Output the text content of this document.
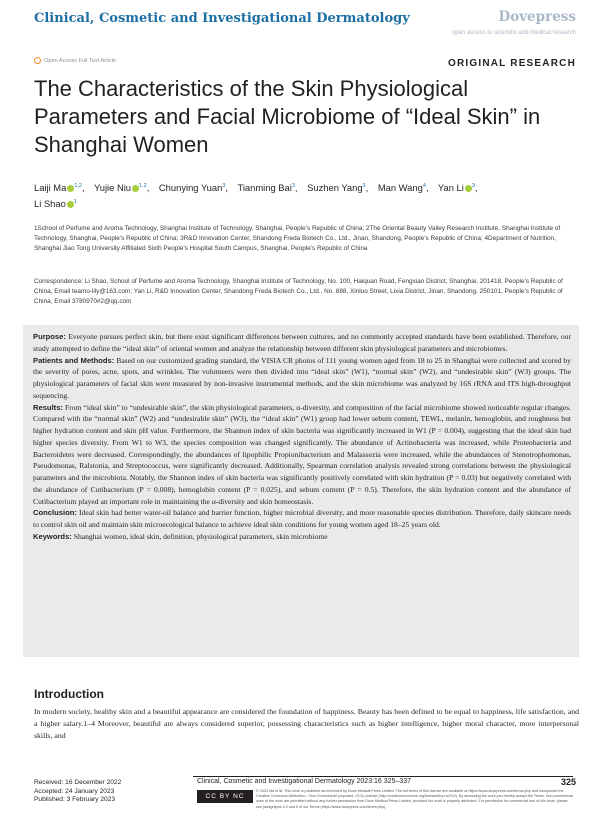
Clinical, Cosmetic and Investigational Dermatology	Dovepress
open access to scientific and medical research
Open Access Full Text Article	ORIGINAL RESEARCH
The Characteristics of the Skin Physiological Parameters and Facial Microbiome of “Ideal Skin” in Shanghai Women
Laiji Ma $^{1,2}$, Yujie Niu $^{1,2}$, Chunying Yuan$^3$, Tianming Bai$^3$, Suzhen Yang$^3$, Man Wang$^4$, Yan Li $^3$,
Li Shao $^1$
1School of Perfume and Aroma Technology, Shanghai Institute of Technology, Shanghai, People’s Republic of China; 2The Oriental Beauty Valley Research Institute, Shanghai Institute of Technology, Shanghai, People’s Republic of China; 3R&D Innovation Center, Shandong Freda Biotech Co., Ltd., Jinan, Shandong, People’s Republic of China; 4Department of Nutrition, Shanghai Jiao Tong University Affiliated Sixth People’s Hospital South Campus, Shanghai, People’s Republic of China
Correspondence: Li Shao, School of Perfume and Aroma Technology, Shanghai Institute of Technology, No. 100, Haiquan Road, Fengxian District, Shanghai, 201418, People’s Republic of China, Email teamo-lily@163.com; Yan Li, R&D Innovation Center, Shandong Freda Biotech Co., Ltd., No. 888, Xinluo Street, Lixia District, Jinan, Shandong, 250101, People’s Republic of China, Email 3780970#2@qq.com

Purpose: Everyone pursues perfect skin, but there exist significant differences between cultures, and no commonly accepted standards have been established. Therefore, our study attempted to define the “ideal skin” of oriental women and analyze the relationship between different skin physiological parameters and microbiomes.

Patients and Methods: Based on our customized grading standard, the VISIA CR photos of 111 young women aged from 18 to 25 in Shanghai were collected and scored by the severity of pores, acne, spots, and wrinkles. The volunteers were then divided into “ideal skin” (W1), “normal skin” (W2), and “undesirable skin” (W3) groups. The physiological parameters of facial skin were measured by non-invasive instrumental methods, and the skin microbiome was analyzed by 16S rRNA and ITS high-throughput sequencing.

Results: From “ideal skin” to “undesirable skin”, the skin physiological parameters, α-diversity, and composition of the facial microbiome showed noticeable regular changes. Compared with the “normal skin” (W2) and “undesirable skin” (W3), the “ideal skin” (W1) group had lower sebum content, TEWL, melanin, hemoglobin, and roughness but higher hydration content and skin pH value. Furthermore, the Shannon index of skin bacteria was significantly increased in W1 (P = 0.004), suggesting that the ideal skin had higher species diversity. From W1 to W3, the species composition was changed significantly. The abundance of Actinobacteria was increased, while Proteobacteria and Bacteroidetes were decreased. Correspondingly, the abundances of lipophilic Propionibacterium and Malassezia were increased, while the abundances of Stenotrophomonas, Pseudomonas, Ralstonia, and Streptococcus, were significantly decreased. Additionally, Spearman correlation analysis revealed strong correlations between the physiological parameters and the microbiota. Notably, the Shannon index of skin bacteria was significantly positively correlated with skin hydration (P = 0.03) but negatively correlated with the abundance of Cutibacterium (P = 0.008), hemoglobin content (P = 0.025), and sebum content (P = 0.5). Therefore, the skin hydration content and the abundance of Cutibacterium played an important role in maintaining the α-diversity and skin homeostasis.

Conclusion: Ideal skin had better water-oil balance and barrier function, higher microbial diversity, and more reasonable species distribution. Therefore, daily skincare needs to control skin oil and maintain skin microecological balance to achieve ideal skin conditions for young women aged 18–25 years old.

Keywords: Shanghai women, ideal skin, definition, physiological parameters, skin microbiome

Introduction

In modern society, healthy skin and a beautiful appearance are considered the foundation of happiness. Beauty has been defined to be equal to happiness, life satisfaction, and a higher salary.1–4 Moreover, beautiful are always considered superior, possessing characteristics such as higher intelligence, higher moral character, more interpersonal skills, and

Received: 16 December 2022
Accepted: 24 January 2023
Published: 3 February 2023
Clinical, Cosmetic and Investigational Dermatology 2023:16 325–337	325
CC BY NC
© 2023 Ma et al. This work is published and licensed by Dove Medical Press Limited. The full terms of this license are available at https://www.dovepress.com/terms.php and incorporate the Creative Commons Attribution – Non Commercial (unported, v3.0) License (http://creativecommons.org/licenses/by-nc/3.0/). By accessing the work you hereby accept the Terms. Non-commercial uses of the work are permitted without any further permission from Dove Medical Press Limited, provided the work is properly attributed. For permission for commercial use of this work, please see paragraphs 4.2 and 5 of our Terms (https://www.dovepress.com/terms.php).
